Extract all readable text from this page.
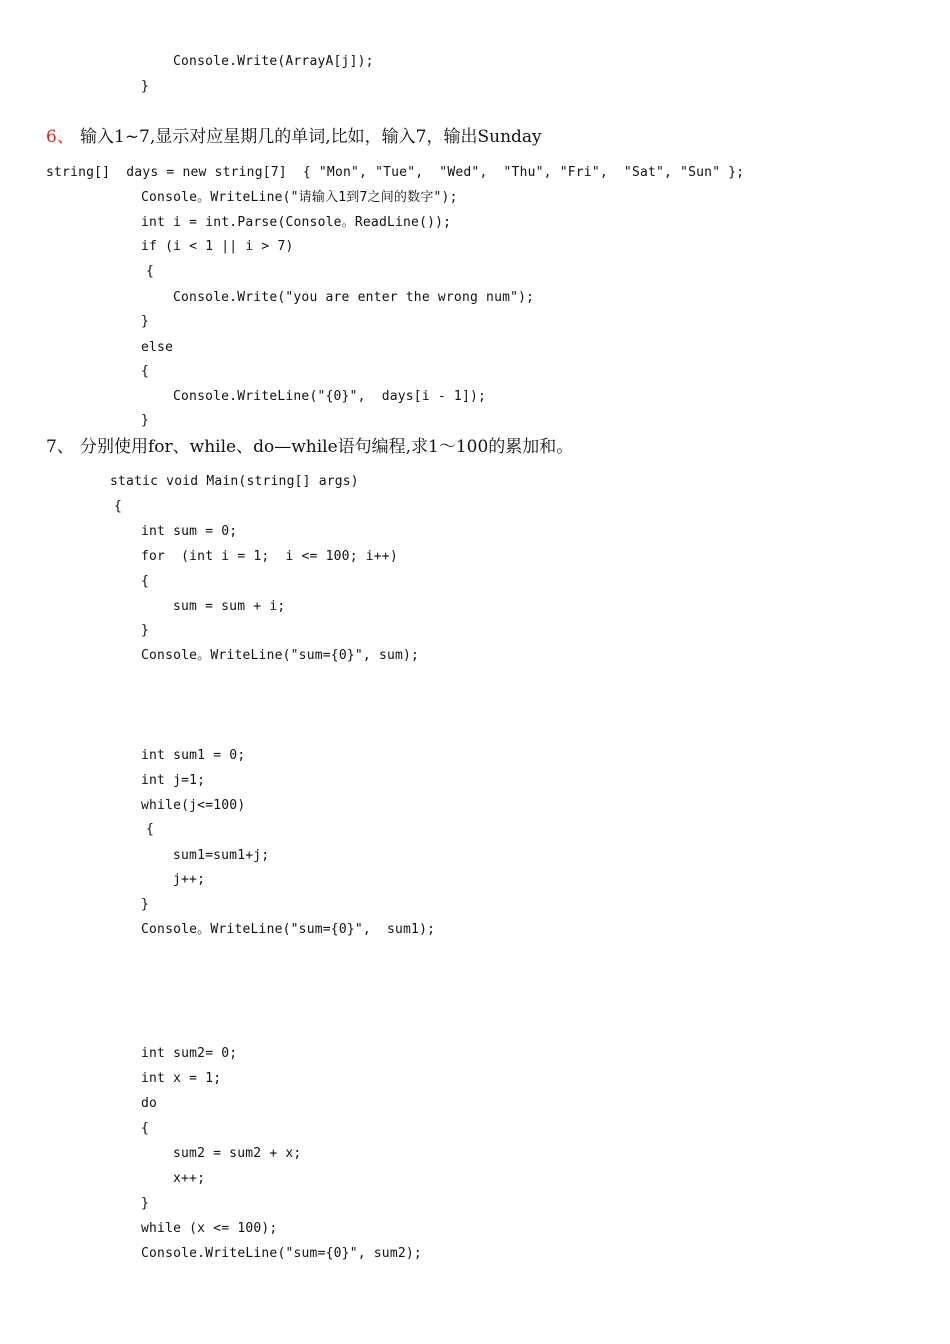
Console.Write(ArrayA[j]);
}
6、 输入1~7,显示对应星期几的单词,比如，输入7，输出Sunday
string[]  days = new string[7]  { "Mon", "Tue",  "Wed",  "Thu", "Fri",  "Sat", "Sun" };
Console。WriteLine("请输入1到7之间的数字");
int i = int.Parse(Console。ReadLine());
if (i < 1 || i > 7)
{
Console.Write("you are enter the wrong num");
}
else
{
Console.WriteLine("{0}",  days[i - 1]);
}
7、 分别使用for、while、do—while语句编程,求1～100的累加和。
static void Main(string[] args)
{
int sum = 0;
for  (int i = 1;  i <= 100; i++)
{
sum = sum + i;
}
Console。WriteLine("sum={0}", sum);
int sum1 = 0;
int j=1;
while(j<=100)
{
sum1=sum1+j;
j++;
}
Console。WriteLine("sum={0}",  sum1);
int sum2= 0;
int x = 1;
do
{
sum2 = sum2 + x;
x++;
}
while (x <= 100);
Console.WriteLine("sum={0}", sum2);
